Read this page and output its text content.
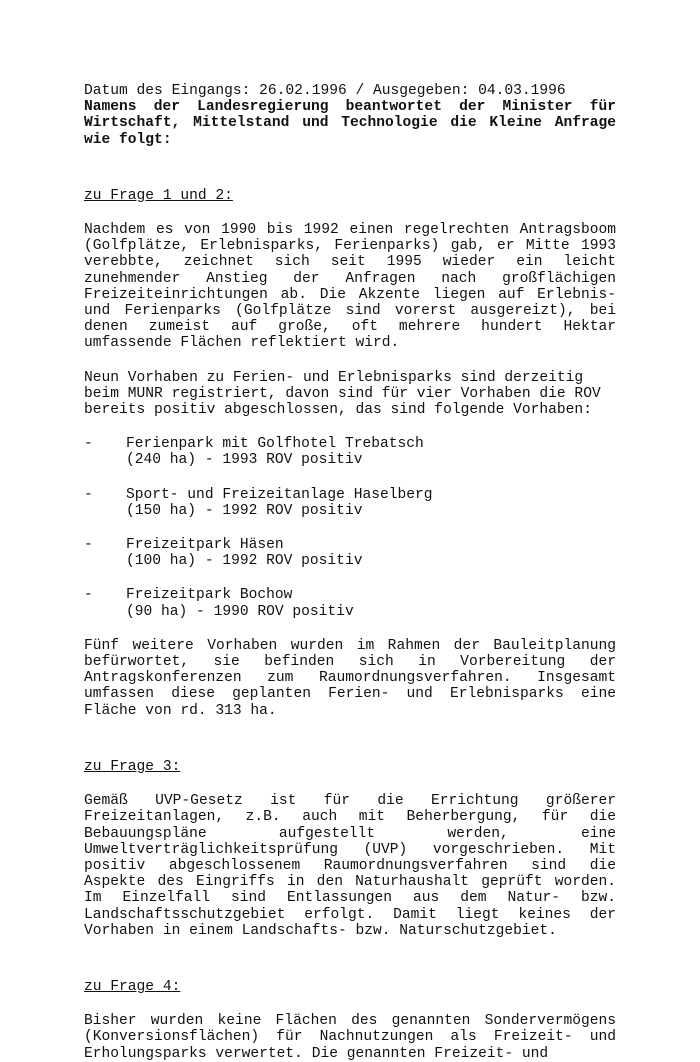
Datum des Eingangs: 26.02.1996 / Ausgegeben: 04.03.1996

Namens der Landesregierung beantwortet der Minister für Wirtschaft, Mittelstand und Technologie die Kleine Anfrage wie folgt:

zu Frage 1 und 2:

Nachdem es von 1990 bis 1992 einen regelrechten Antragsboom (Golfplätze, Erlebnisparks, Ferienparks) gab, er Mitte 1993 verebbte, zeichnet sich seit 1995 wieder ein leicht zunehmender Anstieg der Anfragen nach großflächigen Freizeiteinrichtungen ab. Die Akzente liegen auf Erlebnis- und Ferienparks (Golfplätze sind vorerst ausgereizt), bei denen zumeist auf große, oft mehrere hundert Hektar umfassende Flächen reflektiert wird.

Neun Vorhaben zu Ferien- und Erlebnisparks sind derzeitig beim MUNR registriert, davon sind für vier Vorhaben die ROV bereits positiv abgeschlossen, das sind folgende Vorhaben:

-	Ferienpark mit Golfhotel Trebatsch

(240 ha) - 1993 ROV positiv

-	Sport- und Freizeitanlage Haselberg

(150 ha) - 1992 ROV positiv

-	Freizeitpark Häsen

(100 ha) - 1992 ROV positiv

-	Freizeitpark Bochow

(90 ha) - 1990 ROV positiv

Fünf weitere Vorhaben wurden im Rahmen der Bauleitplanung befürwortet, sie befinden sich in Vorbereitung der Antragskonferenzen zum Raumordnungsverfahren. Insgesamt umfassen diese geplanten Ferien- und Erlebnisparks eine Fläche von rd. 313 ha.

zu Frage 3:

Gemäß UVP-Gesetz ist für die Errichtung größerer Freizeitanlagen, z.B. auch mit Beherbergung, für die Bebauungspläne aufgestellt werden, eine Umweltverträglichkeitsprüfung (UVP) vorgeschrieben. Mit positiv abgeschlossenem Raumordnungsverfahren sind die Aspekte des Eingriffs in den Naturhaushalt geprüft worden. Im Einzelfall sind Entlassungen aus dem Natur- bzw. Landschaftsschutzgebiet erfolgt. Damit liegt keines der Vorhaben in einem Landschafts- bzw. Naturschutzgebiet.

zu Frage 4:

Bisher wurden keine Flächen des genannten Sondervermögens (Konversionsflächen) für Nachnutzungen als Freizeit- und Erholungsparks verwertet. Die genannten Freizeit- und
